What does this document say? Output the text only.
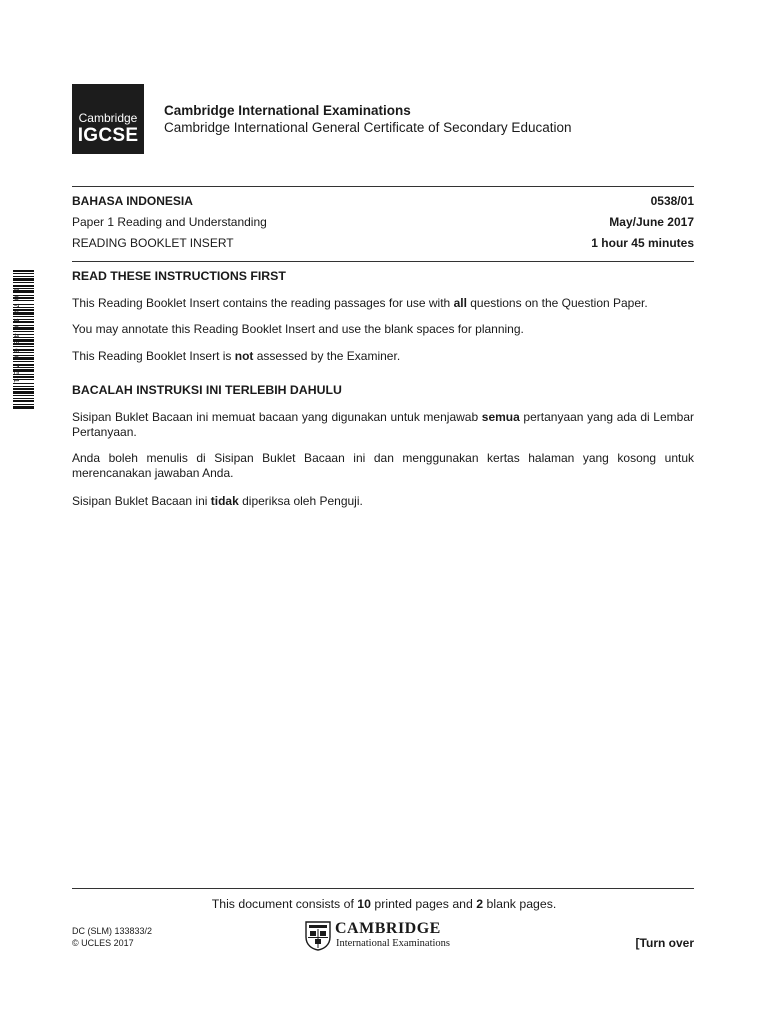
Cambridge
IGCSE
Cambridge International Examinations
Cambridge International General Certificate of Secondary Education
BAHASA INDONESIA	0538/01
Paper 1 Reading and Understanding	May/June 2017
READING BOOKLET INSERT	1 hour 45 minutes
0078104860751
READ THESE INSTRUCTIONS FIRST
This Reading Booklet Insert contains the reading passages for use with all questions on the Question Paper.
You may annotate this Reading Booklet Insert and use the blank spaces for planning.
This Reading Booklet Insert is not assessed by the Examiner.
BACALAH INSTRUKSI INI TERLEBIH DAHULU
Sisipan Buklet Bacaan ini memuat bacaan yang digunakan untuk menjawab semua pertanyaan yang ada di Lembar Pertanyaan.
Anda boleh menulis di Sisipan Buklet Bacaan ini dan menggunakan kertas halaman yang kosong untuk merencanakan jawaban Anda.
Sisipan Buklet Bacaan ini tidak diperiksa oleh Penguji.
This document consists of 10 printed pages and 2 blank pages.
DC (SLM) 133833/2
© UCLES 2017
CAMBRIDGE
International Examinations	[Turn over
